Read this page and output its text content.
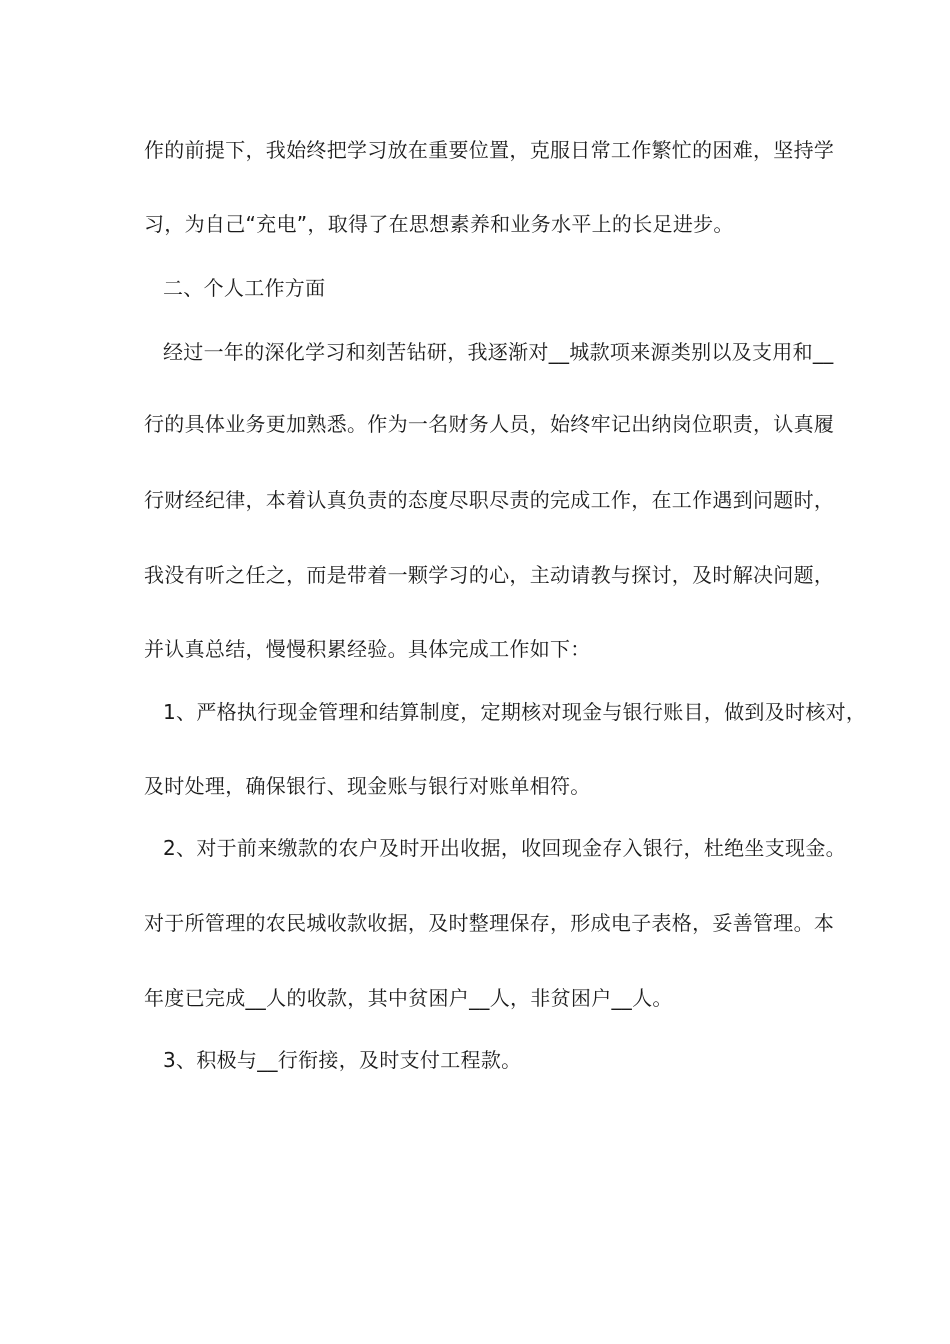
作的前提下，我始终把学习放在重要位置，克服日常工作繁忙的困难，坚持学
习，为自己“充电”，取得了在思想素养和业务水平上的长足进步。
二、个人工作方面
经过一年的深化学习和刻苦钻研，我逐渐对__城款项来源类别以及支用和__
行的具体业务更加熟悉。作为一名财务人员，始终牢记出纳岗位职责，认真履
行财经纪律，本着认真负责的态度尽职尽责的完成工作，在工作遇到问题时，
我没有听之任之，而是带着一颗学习的心，主动请教与探讨，及时解决问题，
并认真总结，慢慢积累经验。具体完成工作如下：
1、严格执行现金管理和结算制度，定期核对现金与银行账目，做到及时核对，
及时处理，确保银行、现金账与银行对账单相符。
2、对于前来缴款的农户及时开出收据，收回现金存入银行，杜绝坐支现金。
对于所管理的农民城收款收据，及时整理保存，形成电子表格，妥善管理。本
年度已完成__人的收款，其中贫困户__人，非贫困户__人。
3、积极与__行衔接，及时支付工程款。
